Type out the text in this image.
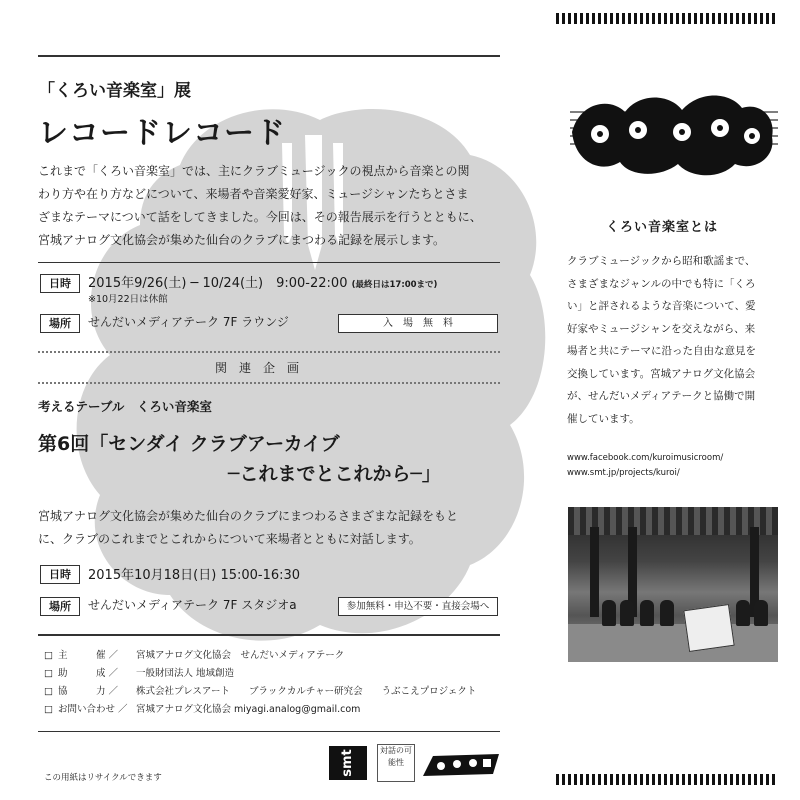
「くろい音楽室」展
レコードレコード
これまで「くろい音楽室」では、主にクラブミュージックの視点から音楽との関
わり方や在り方などについて、来場者や音楽愛好家、ミュージシャンたちとさま
ざまなテーマについて話をしてきました。今回は、その報告展示を行うとともに、
宮城アナログ文化協会が集めた仙台のクラブにまつわる記録を展示します。
日時	2015年9/26(土) ─ 10/24(土)　9:00-22:00 (最終日は17:00まで)
※10月22日は休館
場所	せんだいメディアテーク 7F ラウンジ	入　場　無　料
関　連　企　画
考えるテーブル　くろい音楽室
第6回「センダイ クラブアーカイブ
─これまでとこれから─」
宮城アナログ文化協会が集めた仙台のクラブにまつわるさまざまな記録をもと
に、クラブのこれまでとこれからについて来場者とともに対話します。
日時	2015年10月18日(日) 15:00-16:30
場所	せんだいメディアテーク 7F スタジオa	参加無料・申込不要・直接会場へ
□ 主　　　催 ／	宮城アナログ文化協会　せんだいメディアテーク
□ 助　　　成 ／	一般財団法人 地域創造
□ 協　　　力 ／	株式会社プレスアート　　ブラックカルチャー研究会　　うぶこえプロジェクト
□ お問い合わせ ／ 宮城アナログ文化協会 miyagi.analog@gmail.com
この用紙はリサイクルできます
smt	対話の可能性
くろい音楽室とは
クラブミュージックから昭和歌謡まで、
さまざまなジャンルの中でも特に「くろ
い」と評されるような音楽について、愛
好家やミュージシャンを交えながら、来
場者と共にテーマに沿った自由な意見を
交換しています。宮城アナログ文化協会
が、せんだいメディアテークと協働で開
催しています。
www.facebook.com/kuroimusicroom/
www.smt.jp/projects/kuroi/
